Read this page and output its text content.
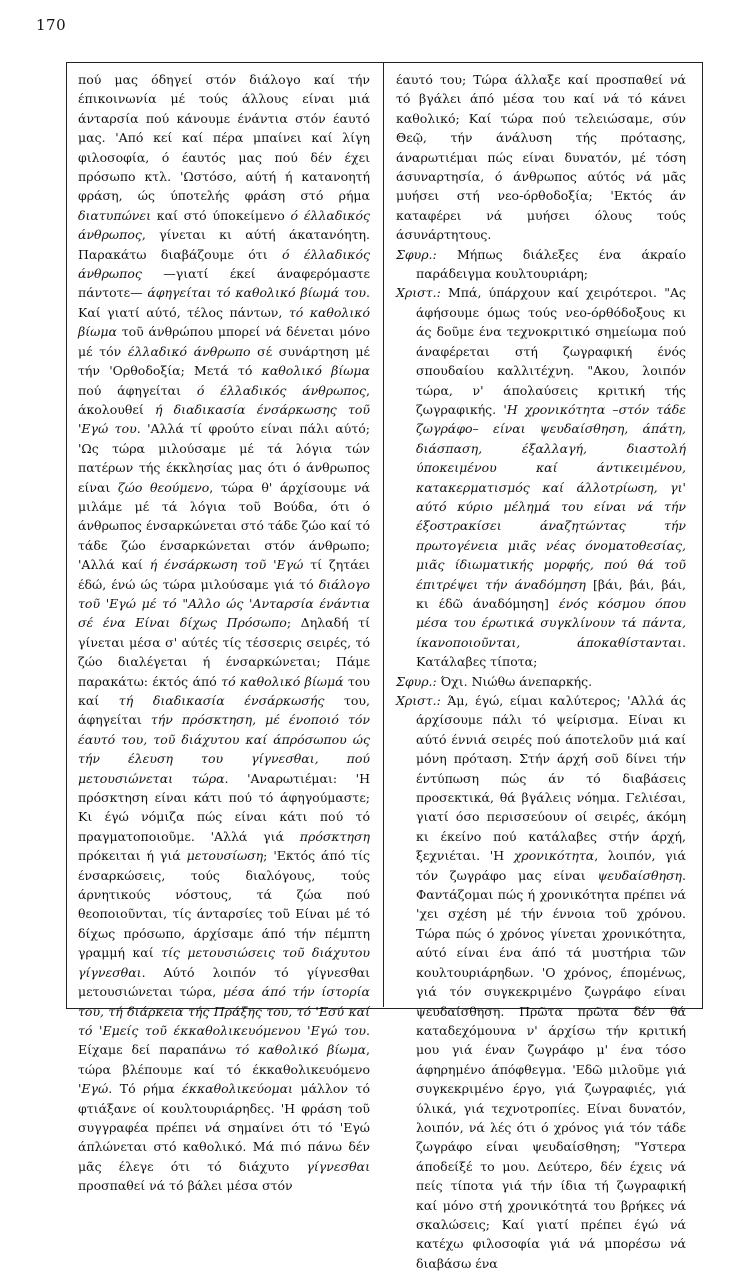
170

πού μας όδηγεί στόν διάλογο καί τήν έπικοινωνία μέ τούς άλλους είναι μιά άνταρσία πού κάνουμε ένάντια στόν έαυτό μας. 'Από κεί καί πέρα μπαίνει καί λίγη φιλοσοφία, ό έαυτός μας πού δέν έχει πρόσωπο κτλ. 'Ωστόσο, αύτή ή κατανοητή φράση, ώς ύποτελής φράση στό ρήμα διατυπώνει καί στό ύποκείμενο ό έλλαδικός άνθρωπος, γίνεται κι αύτή άκατανόητη. Παρακάτω διαβάζουμε ότι ό έλλαδικός άνθρωπος —γιατί έκεί άναφερόμαστε πάντοτε— άφηγείται τό καθολικό βίωμά του. Καί γιατί αύτό, τέλος πάντων, τό καθολικό βίωμα τοῦ άνθρώπου μπορεί νά δένεται μόνο μέ τόν έλλαδικό άνθρωπο σέ συνάρτηση μέ τήν 'Ορθοδοξία; Μετά τό καθολικό βίωμα πού άφηγείται ό έλλαδικός άνθρωπος, άκολουθεί ή διαδικασία ένσάρκωσης τοῦ 'Εγώ του. 'Αλλά τί φρούτο είναι πάλι αύτό; 'Ως τώρα μιλούσαμε μέ τά λόγια τών πατέρων τής έκκλησίας μας ότι ό άνθρωπος είναι ζώο θεούμενο, τώρα θ' άρχίσουμε νά μιλάμε μέ τά λόγια τοῦ Βούδα, ότι ό άνθρωπος ένσαρκώνεται στό τάδε ζώο καί τό τάδε ζώο ένσαρκώνεται στόν άνθρωπο; 'Αλλά καί ή ένσάρκωση τοῦ 'Εγώ τί ζητάει έδώ, ένώ ώς τώρα μιλούσαμε γιά τό διάλογο τοῦ 'Εγώ μέ τό "Αλλο ώς 'Ανταρσία ένάντια σέ ένα Είναι δίχως Πρόσωπο; Δηλαδή τί γίνεται μέσα σ' αύτές τίς τέσσερις σειρές, τό ζώο διαλέγεται ή ένσαρκώνεται; Πάμε παρακάτω: έκτός άπό τό καθολικό βίωμά του καί τή διαδικασία ένσάρκωσής του, άφηγείται τήν πρόσκτηση, μέ ένοποιό τόν έαυτό του, τοῦ διάχυτου καί άπρόσωπου ώς τήν έλευση του γίγνεσθαι, πού μετουσιώνεται τώρα. 'Αναρωτιέμαι: 'Η πρόσκτηση είναι κάτι πού τό άφηγούμαστε; Κι έγώ νόμιζα πώς είναι κάτι πού τό πραγματοποιοῦμε. 'Αλλά γιά πρόσκτηση πρόκειται ή γιά μετουσίωση; 'Εκτός άπό τίς ένσαρκώσεις, τούς διαλόγους, τούς άρνητικούς νόστους, τά ζώα πού θεοποιοῦνται, τίς άνταρσίες τοῦ Είναι μέ τό δίχως πρόσωπο, άρχίσαμε άπό τήν πέμπτη γραμμή καί τίς μετουσιώσεις τοῦ διάχυτου γίγνεσθαι. Αύτό λοιπόν τό γίγνεσθαι μετουσιώνεται τώρα, μέσα άπό τήν ίστορία του, τή διάρκεια τής Πράξης του, τό 'Εσύ καί τό 'Εμείς τοῦ έκκαθολικευόμενου 'Εγώ του. Είχαμε δεί παραπάνω τό καθολικό βίωμα, τώρα βλέπουμε καί τό έκκαθολικευόμενο 'Εγώ. Τό ρήμα έκκαθολικεύομαι μάλλον τό φτιάξανε οί κουλτουριάρηδες. 'Η φράση τοῦ συγγραφέα πρέπει νά σημαίνει ότι τό 'Εγώ άπλώνεται στό καθολικό. Μά πιό πάνω δέν μᾶς έλεγε ότι τό διάχυτο γίγνεσθαι προσπαθεί νά τό βάλει μέσα στόν

έαυτό του; Τώρα άλλαξε καί προσπαθεί νά τό βγάλει άπό μέσα του καί νά τό κάνει καθολικό; Καί τώρα πού τελειώσαμε, σύν Θεῷ, τήν άνάλυση τής πρότασης, άναρωτιέμαι πώς είναι δυνατόν, μέ τόση άσυναρτησία, ό άνθρωπος αύτός νά μᾶς μυήσει στή νεο-όρθοδοξία; 'Εκτός άν καταφέρει νά μυήσει όλους τούς άσυνάρτητους.

Σφυρ.: Μήπως διάλεξες ένα άκραίο παράδειγμα κουλτουριάρη;

Χριστ.: Μπά, ύπάρχουν καί χειρότεροι. "Ας άφήσουμε όμως τούς νεο-όρθόδοξους κι άς δοῦμε ένα τεχνοκριτικό σημείωμα πού άναφέρεται στή ζωγραφική ένός σπουδαίου καλλιτέχνη. "Ακου, λοιπόν τώρα, ν' άπολαύσεις κριτική τής ζωγραφικής. 'Η χρονικότητα –στόν τάδε ζωγράφο– είναι ψευδαίσθηση, άπάτη, διάσπαση, έξαλλαγή, διαστολή ύποκειμένου καί άντικειμένου, κατακερματισμός καί άλλοτρίωση, γι' αύτό κύριο μέλημά του είναι νά τήν έξοστρακίσει άναζητώντας τήν πρωτογένεια μιᾶς νέας όνοματοθεσίας, μιᾶς ίδιωματικής μορφής, πού θά τοῦ έπιτρέψει τήν άναδόμηση [βάι, βάι, βάι, κι έδῶ άναδόμηση] ένός κόσμου όπου μέσα του έρωτικά συγκλίνουν τά πάντα, ίκανοποιοῦνται, άποκαθίστανται. Κατάλαβες τίποτα;

Σφυρ.: Όχι. Νιώθω άνεπαρκής.

Χριστ.: Άμ, έγώ, είμαι καλύτερος; 'Αλλά άς άρχίσουμε πάλι τό ψείρισμα. Είναι κι αύτό έννιά σειρές πού άποτελοῦν μιά καί μόνη πρόταση. Στήν άρχή σοῦ δίνει τήν έντύπωση πώς άν τό διαβάσεις προσεκτικά, θά βγάλεις νόημα. Γελιέσαι, γιατί όσο περισσεύουν οί σειρές, άκόμη κι έκείνο πού κατάλαβες στήν άρχή, ξεχνιέται. 'Η χρονικότητα, λοιπόν, γιά τόν ζωγράφο μας είναι ψευδαίσθηση. Φαντάζομαι πώς ή χρονικότητα πρέπει νά 'χει σχέση μέ τήν έννοια τοῦ χρόνου. Τώρα πώς ό χρόνος γίνεται χρονικότητα, αύτό είναι ένα άπό τά μυστήρια τῶν κουλτουριάρηδων. 'Ο χρόνος, έπομένως, γιά τόν συγκεκριμένο ζωγράφο είναι ψευδαίσθηση. Πρῶτα πρῶτα δέν θά καταδεχόμουνα ν' άρχίσω τήν κριτική μου γιά έναν ζωγράφο μ' ένα τόσο άφηρημένο άπόφθεγμα. 'Εδῶ μιλοῦμε γιά συγκεκριμένο έργο, γιά ζωγραφιές, γιά ύλικά, γιά τεχνοτροπίες. Είναι δυνατόν, λοιπόν, νά λές ότι ό χρόνος γιά τόν τάδε ζωγράφο είναι ψευδαίσθηση; "Υστερα άποδείξέ το μου. Δεύτερο, δέν έχεις νά πείς τίποτα γιά τήν ίδια τή ζωγραφική καί μόνο στή χρονικότητά του βρήκες νά σκαλώσεις; Καί γιατί πρέπει έγώ νά κατέχω φιλοσοφία γιά νά μπορέσω νά διαβάσω ένα
